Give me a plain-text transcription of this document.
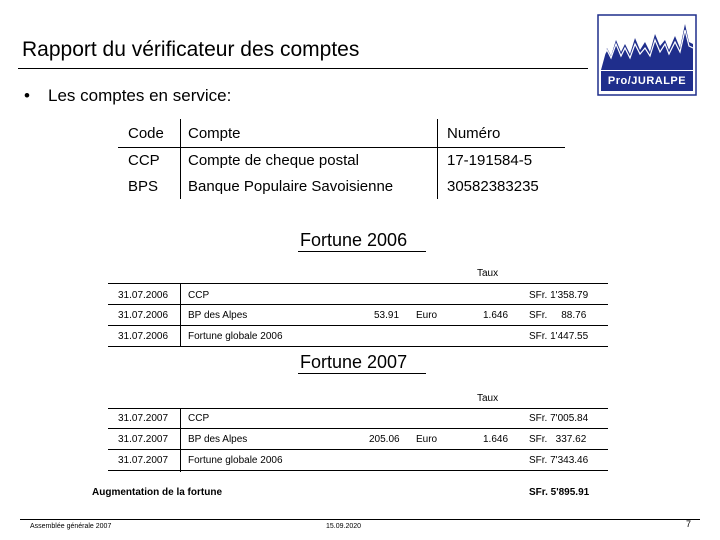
Rapport du vérificateur des comptes
• Les comptes en service:
Pro/JURALPE
Code Compte	Numéro
CCP Compte de cheque postal	17-191584-5
BPS Banque Populaire Savoisienne	30582383235
Fortune 2006
Taux
31.07.2006 CCP	SFr. 1'358.79
31.07.2006 BP des Alpes	53.91 Euro	1.646 SFr.     88.76
31.07.2006 Fortune globale 2006	SFr. 1'447.55
Fortune 2007
Taux
31.07.2007 CCP	SFr. 7'005.84
31.07.2007 BP des Alpes	205.06 Euro	1.646 SFr.   337.62
31.07.2007 Fortune globale 2006	SFr. 7'343.46
Augmentation de la fortune	SFr. 5'895.91
Assemblée générale 2007	15.09.2020	7
